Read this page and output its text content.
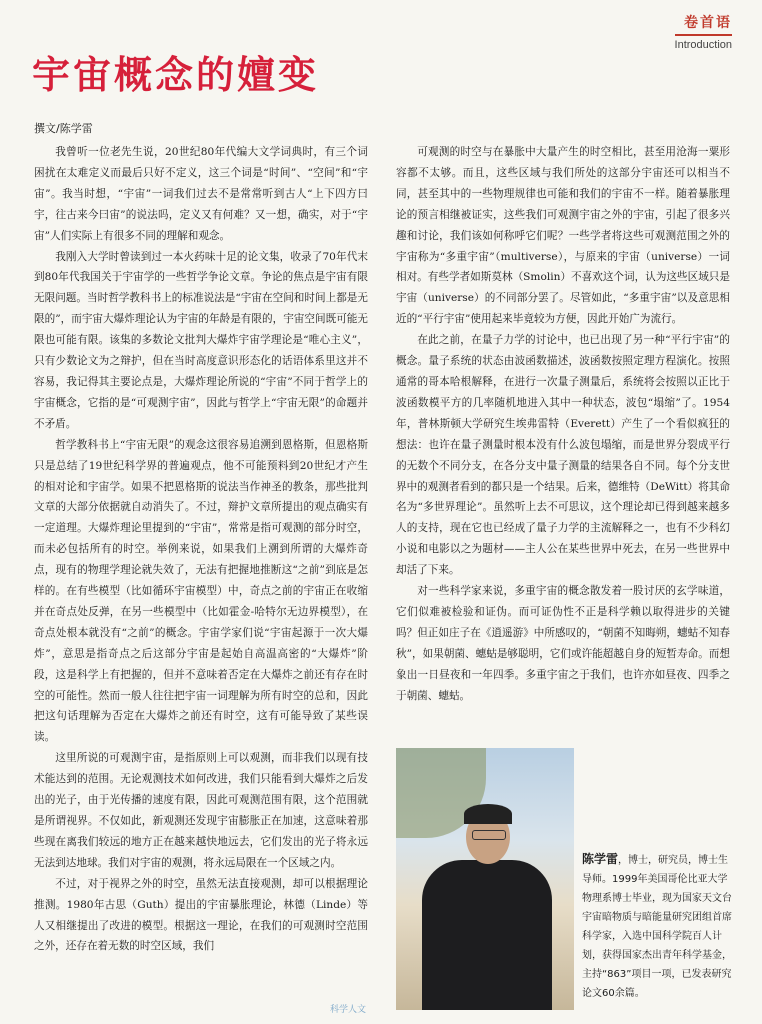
卷首语
Introduction
宇宙概念的嬗变
撰文/陈学雷

我曾听一位老先生说，20世纪80年代编大文学词典时，有三个词困扰在太难定义而最后只好不定义，这三个词是“时间”、“空间”和“宇宙”。我当时想，“宇宙”一词我们过去不是常常听到古人“上下四方曰宇，往古来今曰宙”的说法吗，定义又有何难？又一想，确实，对于“宇宙”人们实际上有很多不同的理解和观念。

我刚入大学时曾读到过一本火药味十足的论文集，收录了70年代末到80年代我国关于宇宙学的一些哲学争论文章。争论的焦点是宇宙有限无限问题。当时哲学教科书上的标准说法是“宇宙在空间和时间上都是无限的”，而宇宙大爆炸理论认为宇宙的年龄是有限的，宇宙空间既可能无限也可能有限。该集的多数论文批判大爆炸宇宙学理论是“唯心主义”，只有少数论文为之辩护，但在当时高度意识形态化的话语体系里这并不容易，我记得其主要论点是，大爆炸理论所说的“宇宙”不同于哲学上的宇宙概念，它指的是“可观测宇宙”，因此与哲学上“宇宙无限”的命题并不矛盾。

哲学教科书上“宇宙无限”的观念这很容易追溯到恩格斯，但恩格斯只是总结了19世纪科学界的普遍观点，他不可能预料到20世纪才产生的相对论和宇宙学。如果不把恩格斯的说法当作神圣的教条，那些批判文章的大部分依据就自动消失了。不过，辩护文章所提出的观点确实有一定道理。大爆炸理论里提到的“宇宙”，常常是指可观测的部分时空，而未必包括所有的时空。举例来说，如果我们上溯到所谓的大爆炸奇点，现有的物理学理论就失效了，无法有把握地推断这“之前”到底是怎样的。在有些模型（比如循环宇宙模型）中，奇点之前的宇宙正在收缩并在奇点处反弹，在另一些模型中（比如霍金-哈特尔无边界模型），在奇点处根本就没有“之前”的概念。宇宙学家们说“宇宙起源于一次大爆炸”，意思是指奇点之后这部分宇宙是起始自高温高密的“大爆炸”阶段，这是科学上有把握的，但并不意味着否定在大爆炸之前还有存在时空的可能性。然而一般人往往把宇宙一词理解为所有时空的总和，因此把这句话理解为否定在大爆炸之前还有时空，这有可能导致了某些误读。

这里所说的可观测宇宙，是指原则上可以观测，而非我们以现有技术能达到的范围。无论观测技术如何改进，我们只能看到大爆炸之后发出的光子，由于光传播的速度有限，因此可观测范围有限，这个范围就是所谓视界。不仅如此，新观测还发现宇宙膨胀正在加速，这意味着那些现在离我们较远的地方正在越来越快地远去，它们发出的光子将永远无法到达地球。我们对宇宙的观测，将永远局限在一个区域之内。

不过，对于视界之外的时空，虽然无法直接观测，却可以根据理论推测。1980年古思（Guth）提出的宇宙暴胀理论，林德（Linde）等人又相继提出了改进的模型。根据这一理论，在我们的可观测时空范围之外，还存在着无数的时空区域，我们

可观测的时空与在暴胀中大量产生的时空相比，甚至用沧海一粟形容都不太够。而且，这些区域与我们所处的这部分宇宙还可以相当不同，甚至其中的一些物理规律也可能和我们的宇宙不一样。随着暴胀理论的预言相继被证实，这些我们可观测宇宙之外的宇宙，引起了很多兴趣和讨论，我们该如何称呼它们呢？一些学者将这些可观测范围之外的宇宙称为“多重宇宙”（multiverse），与原来的宇宙（universe）一词相对。有些学者如斯莫林（Smolin）不喜欢这个词，认为这些区域只是宇宙（universe）的不同部分罢了。尽管如此，“多重宇宙”以及意思相近的“平行宇宙”使用起来毕竟较为方便，因此开始广为流行。

在此之前，在量子力学的讨论中，也已出现了另一种“平行宇宙”的概念。量子系统的状态由波函数描述，波函数按照定理方程演化。按照通常的哥本哈根解释，在进行一次量子测量后，系统将会按照以正比于波函数模平方的几率随机地进入其中一种状态，波包“塌缩”了。1954年，普林斯顿大学研究生埃弗雷特（Everett）产生了一个看似疯狂的想法：也许在量子测量时根本没有什么波包塌缩，而是世界分裂成平行的无数个不同分支，在各分支中量子测量的结果各自不同。每个分支世界中的观测者看到的都只是一个结果。后来，德维特（DeWitt）将其命名为“多世界理论”。虽然听上去不可思议，这个理论却已得到越来越多人的支持，现在它也已经成了量子力学的主流解释之一，也有不少科幻小说和电影以之为题材——主人公在某些世界中死去，在另一些世界中却活了下来。

对一些科学家来说，多重宇宙的概念散发着一股讨厌的玄学味道，它们似难被检验和证伪。而可证伪性不正是科学赖以取得进步的关键吗？但正如庄子在《逍遥游》中所感叹的，“朝菌不知晦朔，蟪蛄不知春秋”，如果朝菌、蟪蛄是够聪明，它们或许能超越自身的短暂寿命。而想象出一日昼夜和一年四季。多重宇宙之于我们，也许亦如昼夜、四季之于朝菌、蟪蛄。

陈学雷，博士，研究员，博士生导师。1999年美国哥伦比亚大学物理系博士毕业，现为国家天文台宇宙暗物质与暗能量研究团组首席科学家，入选中国科学院百人计划，获得国家杰出青年科学基金，主持“863”项目一项，已发表研究论文60余篇。
科学人文
